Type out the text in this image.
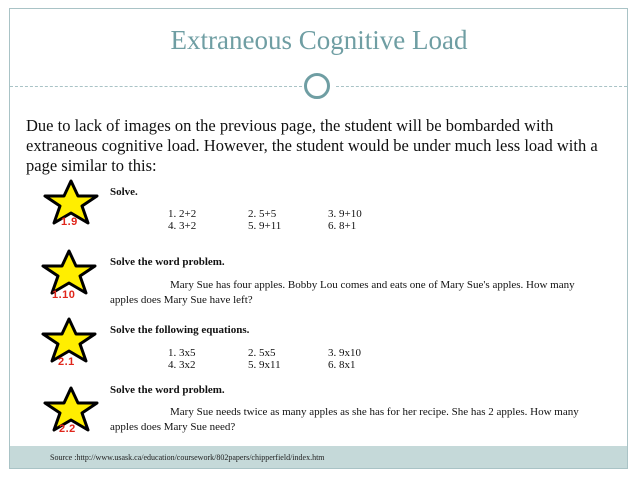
Extraneous Cognitive Load
Due to lack of images on the previous page, the student will be bombarded with extraneous cognitive load. However, the student would be under much less load with a page similar to this:
1.9
Solve.
1. 2+2	2. 5+5	3. 9+10
4. 3+2	5. 9+11	6. 8+1
1.10
Solve the word problem.
Mary Sue has four apples. Bobby Lou comes and eats one of Mary Sue's apples. How many apples does Mary Sue have left?
2.1
Solve the following equations.
1. 3x5	2. 5x5	3. 9x10
4. 3x2	5. 9x11	6. 8x1
2.2
Solve the word problem.
Mary Sue needs twice as many apples as she has for her recipe. She has 2 apples. How many apples does Mary Sue need?
Source :http://www.usask.ca/education/coursework/802papers/chipperfield/index.htm
